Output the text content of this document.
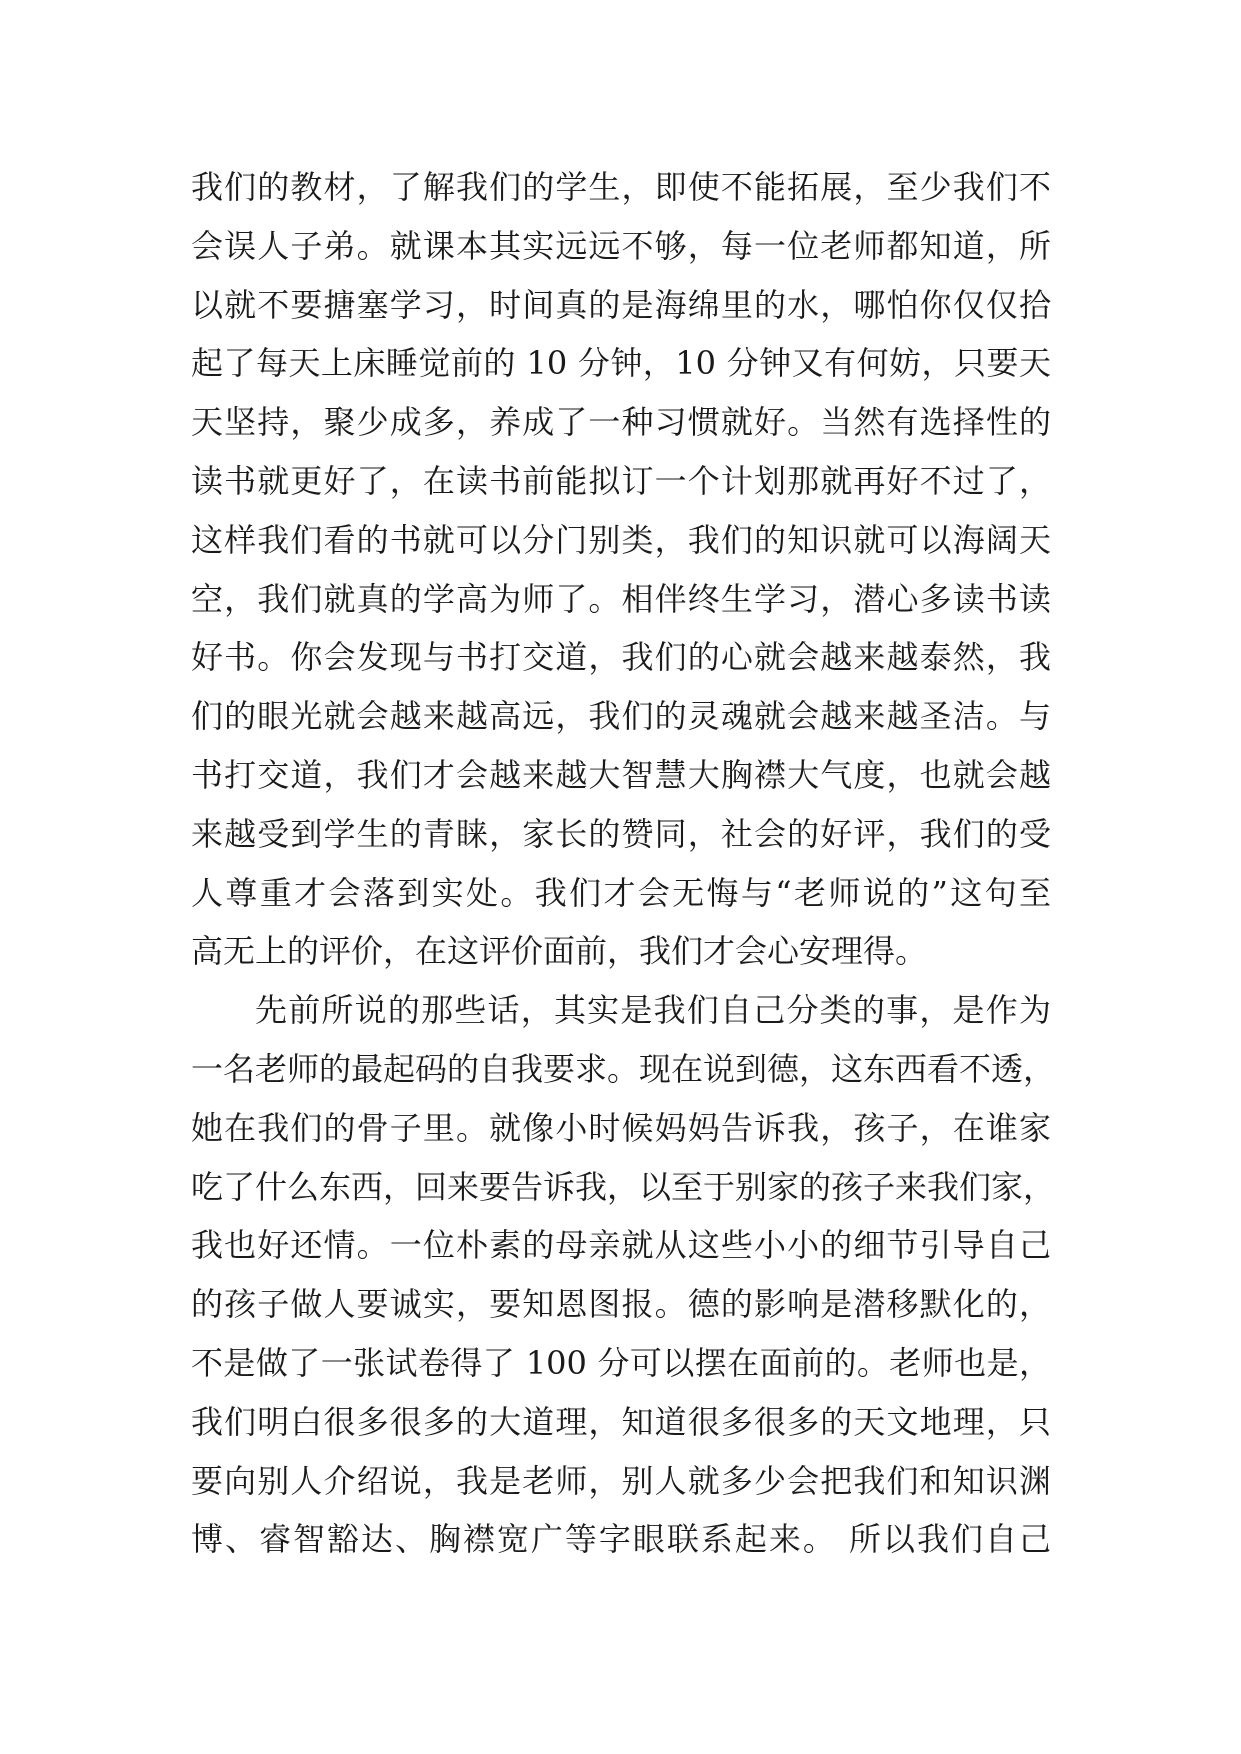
我们的教材，了解我们的学生，即使不能拓展，至少我们不
会误人子弟。就课本其实远远不够，每一位老师都知道，所
以就不要搪塞学习，时间真的是海绵里的水，哪怕你仅仅拾
起了每天上床睡觉前的 10 分钟，10 分钟又有何妨，只要天
天坚持，聚少成多，养成了一种习惯就好。当然有选择性的
读书就更好了，在读书前能拟订一个计划那就再好不过了，
这样我们看的书就可以分门别类，我们的知识就可以海阔天
空，我们就真的学高为师了。相伴终生学习，潜心多读书读
好书。你会发现与书打交道，我们的心就会越来越泰然，我
们的眼光就会越来越高远，我们的灵魂就会越来越圣洁。与
书打交道，我们才会越来越大智慧大胸襟大气度，也就会越
来越受到学生的青睐，家长的赞同，社会的好评，我们的受
人尊重才会落到实处。我们才会无悔与“老师说的”这句至
高无上的评价，在这评价面前，我们才会心安理得。
先前所说的那些话，其实是我们自己分类的事，是作为
一名老师的最起码的自我要求。现在说到德，这东西看不透，
她在我们的骨子里。就像小时候妈妈告诉我，孩子，在谁家
吃了什么东西，回来要告诉我，以至于别家的孩子来我们家，
我也好还情。一位朴素的母亲就从这些小小的细节引导自己
的孩子做人要诚实，要知恩图报。德的影响是潜移默化的，
不是做了一张试卷得了 100 分可以摆在面前的。老师也是，
我们明白很多很多的大道理，知道很多很多的天文地理，只
要向别人介绍说，我是老师，别人就多少会把我们和知识渊
博、睿智豁达、胸襟宽广等字眼联系起来。 所以我们自己
